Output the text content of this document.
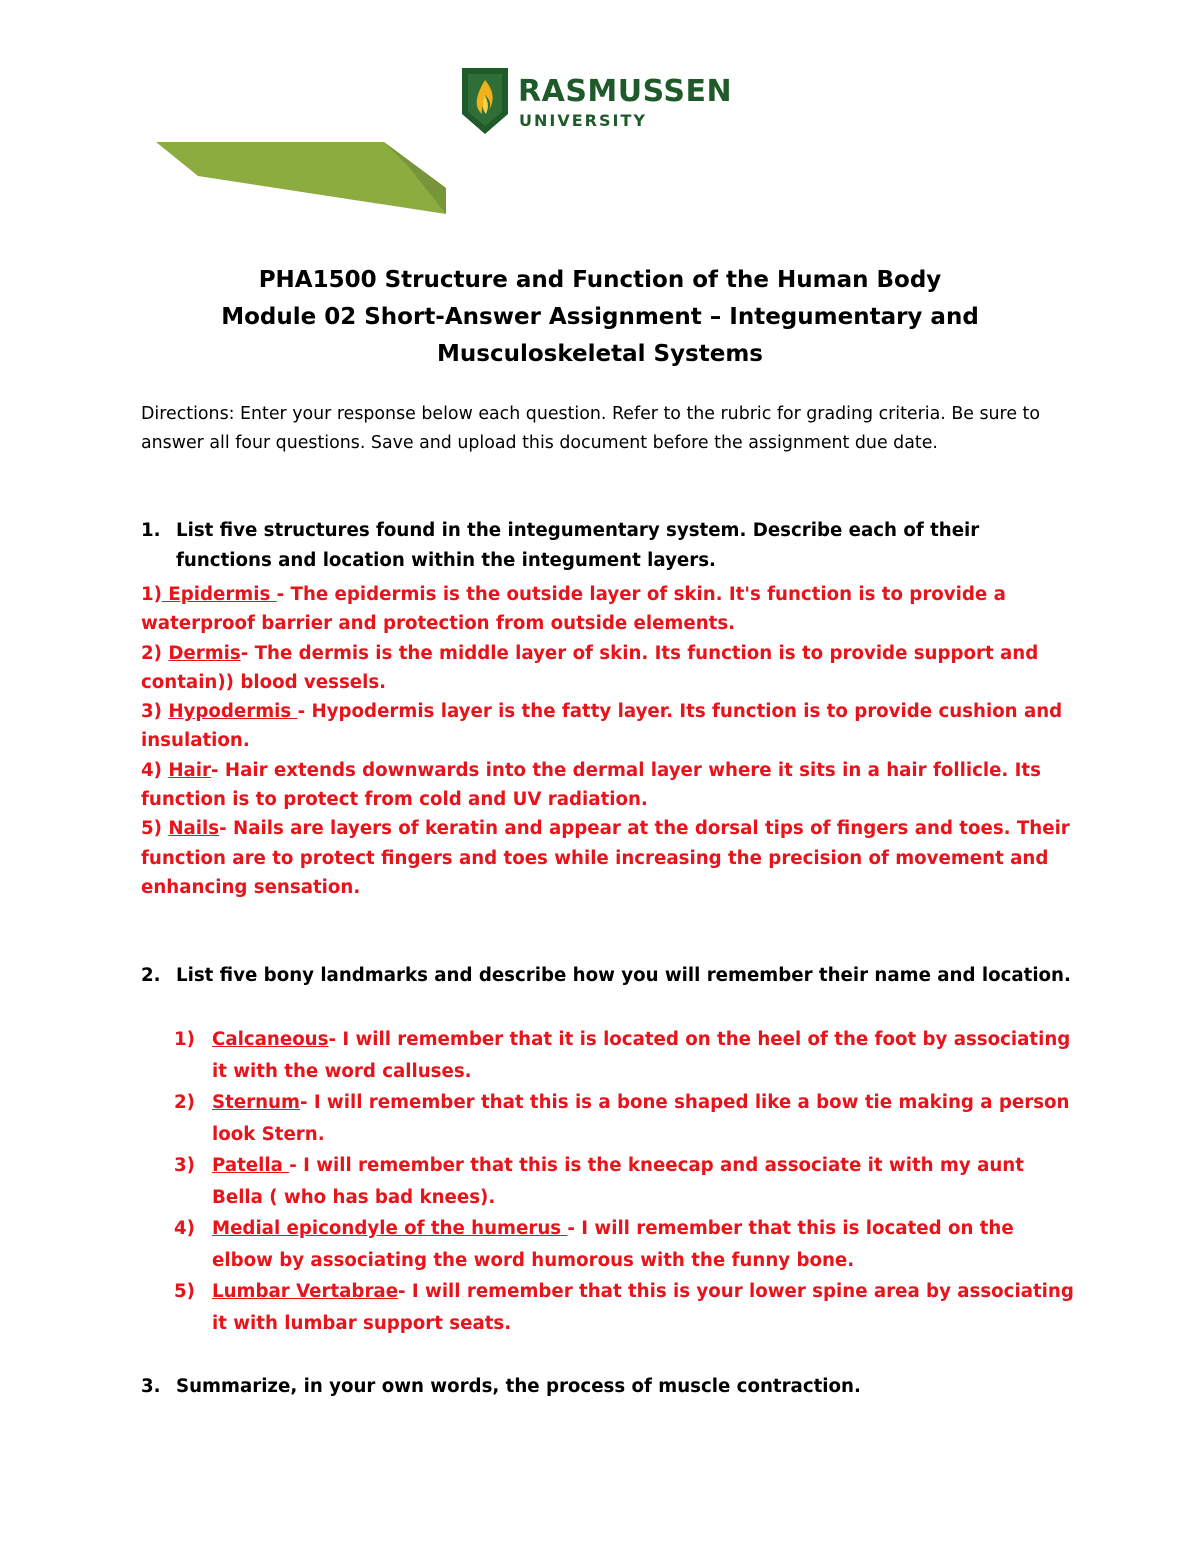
RASMUSSEN
UNIVERSITY
PHA1500 Structure and Function of the Human Body
Module 02 Short-Answer Assignment – Integumentary and
Musculoskeletal Systems
Directions: Enter your response below each question. Refer to the rubric for grading criteria. Be sure to answer all four questions. Save and upload this document before the assignment due date.
1. List five structures found in the integumentary system. Describe each of their functions and location within the integument layers.

1) Epidermis - The epidermis is the outside layer of skin. It's function is to provide a waterproof barrier and protection from outside elements.

2) Dermis- The dermis is the middle layer of skin. Its function is to provide support and contain)) blood vessels.

3) Hypodermis - Hypodermis layer is the fatty layer. Its function is to provide cushion and insulation.

4) Hair- Hair extends downwards into the dermal layer where it sits in a hair follicle. Its function is to protect from cold and UV radiation.

5) Nails- Nails are layers of keratin and appear at the dorsal tips of fingers and toes. Their function are to protect fingers and toes while increasing the precision of movement and enhancing sensation.

2. List five bony landmarks and describe how you will remember their name and location.
1) Calcaneous- I will remember that it is located on the heel of the foot by associating it with the word calluses.
2) Sternum- I will remember that this is a bone shaped like a bow tie making a person look Stern.
3) Patella - I will remember that this is the kneecap and associate it with my aunt Bella ( who has bad knees).
4) Medial epicondyle of the humerus - I will remember that this is located on the elbow by associating the word humorous with the funny bone.
5) Lumbar Vertabrae- I will remember that this is your lower spine area by associating it with lumbar support seats.
3. Summarize, in your own words, the process of muscle contraction.
